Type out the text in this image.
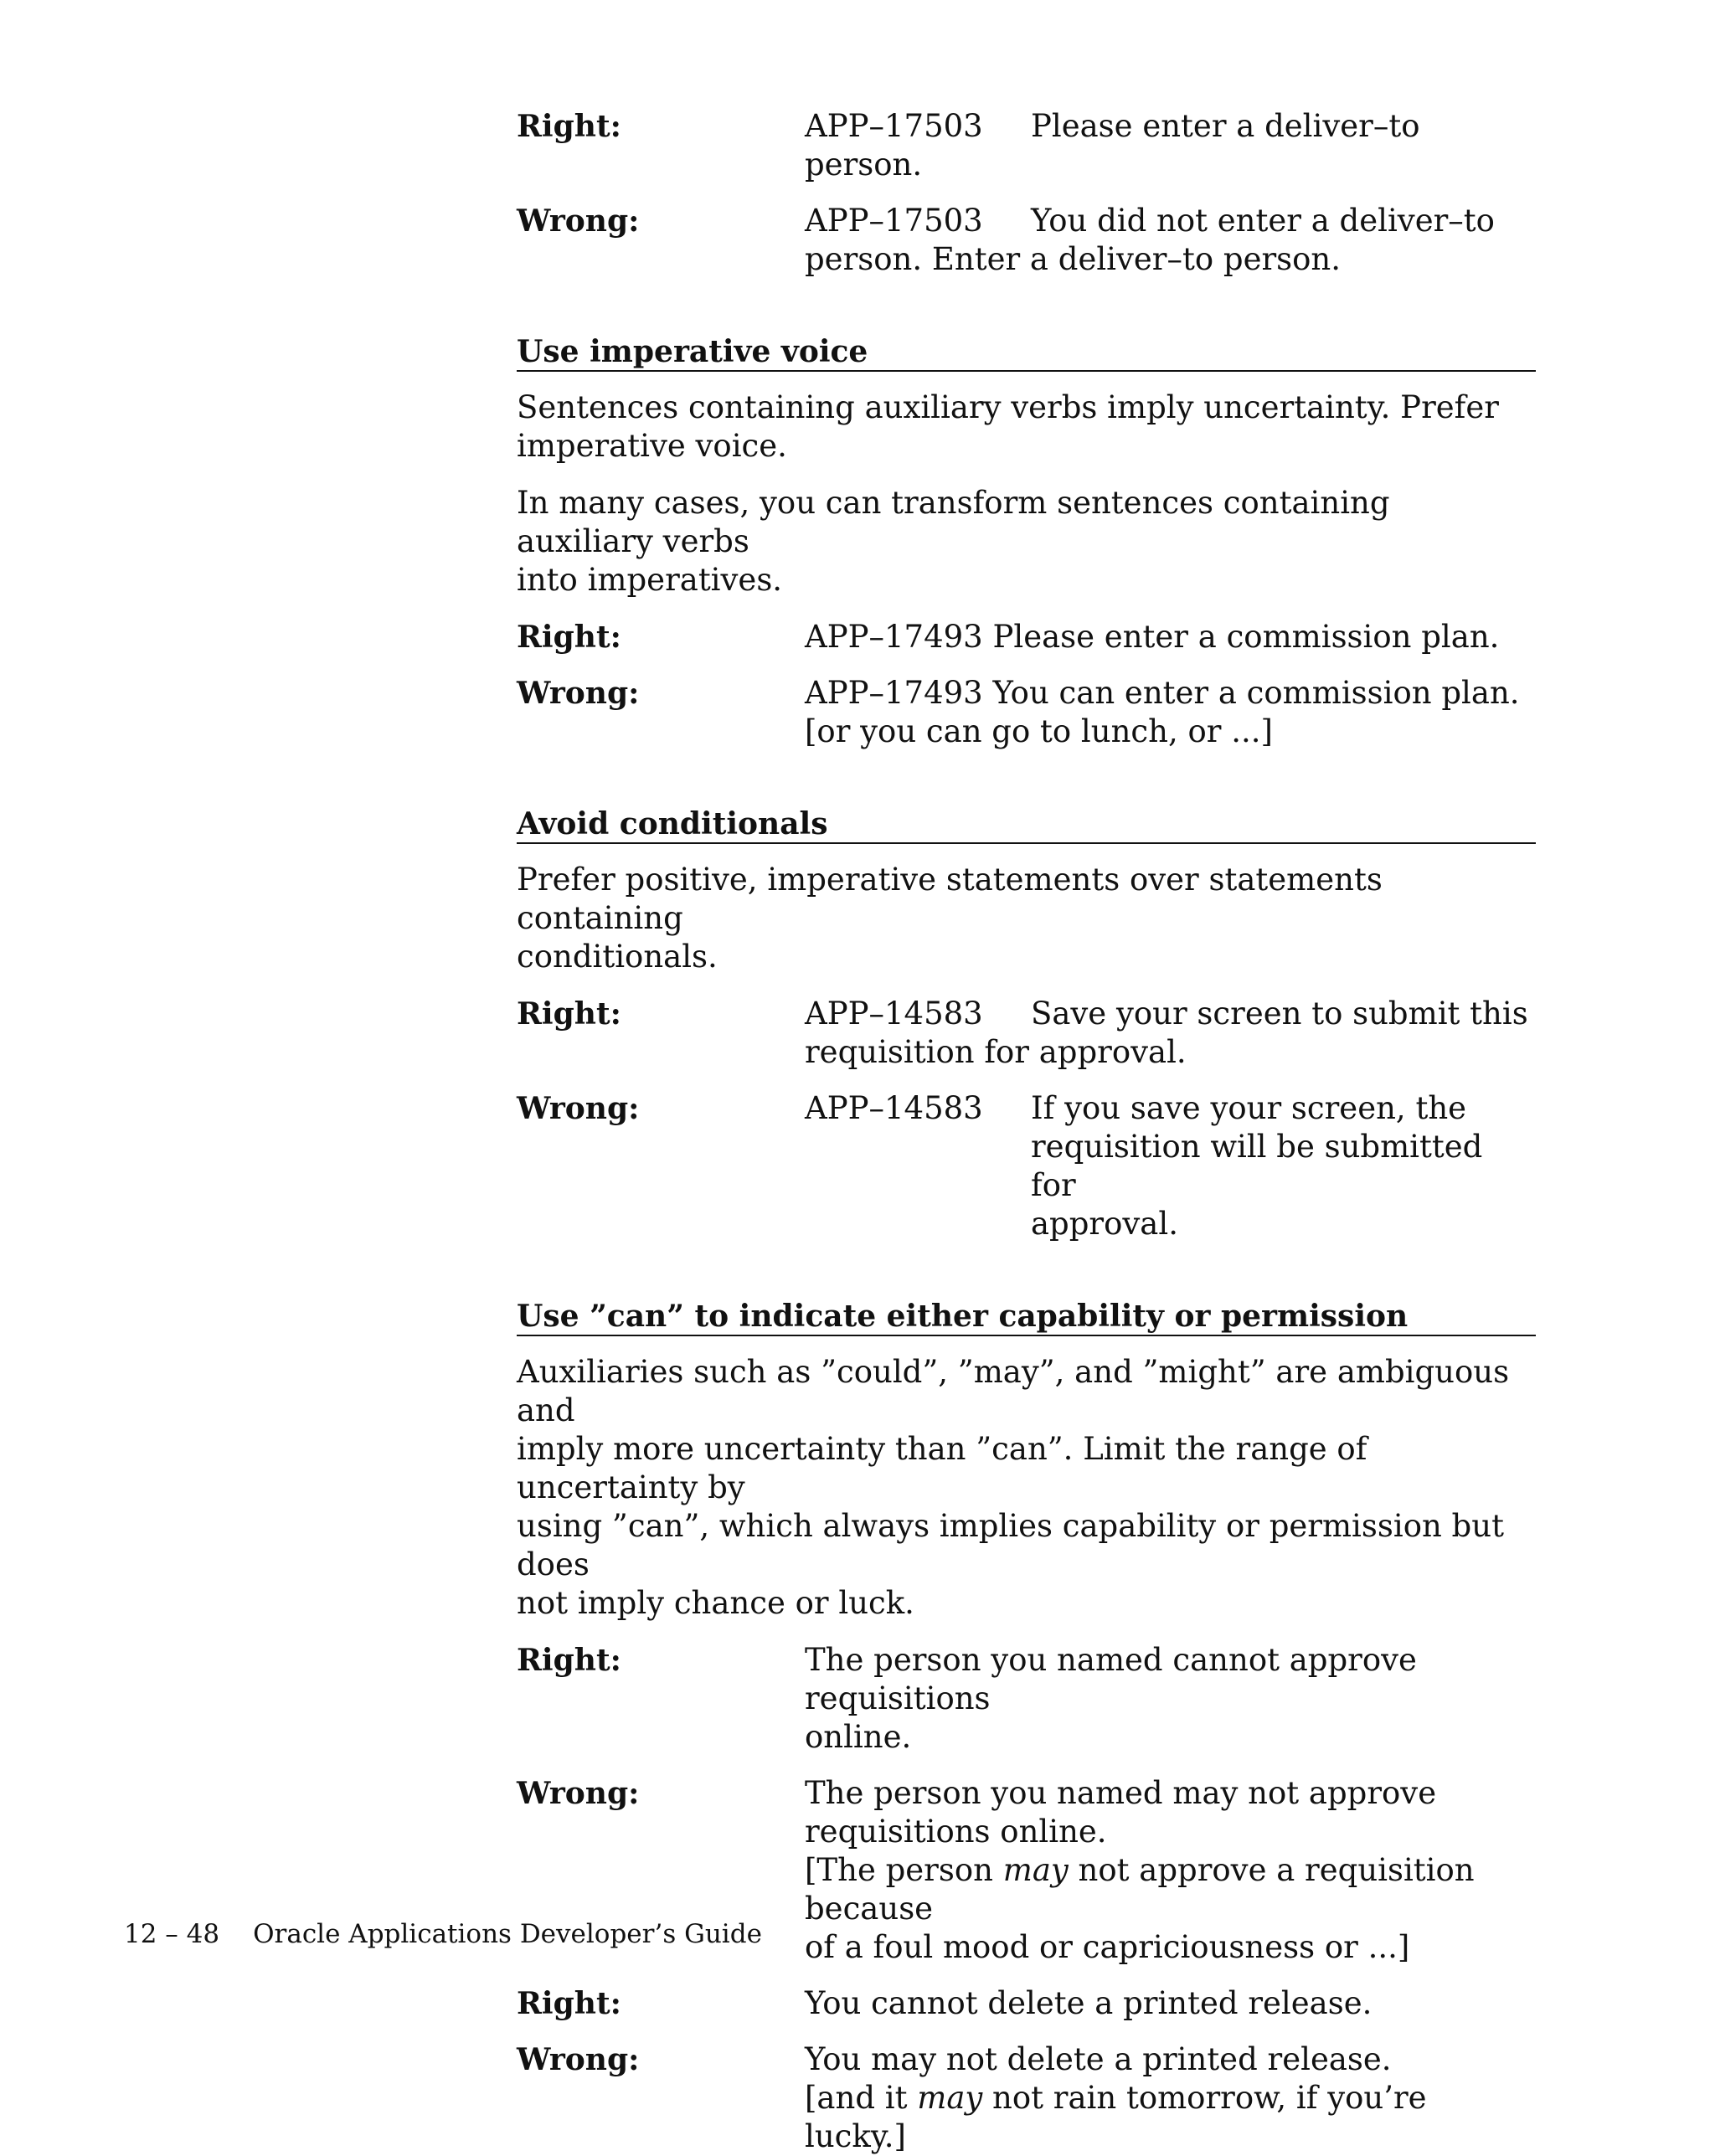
Right:	APP–17503 Please enter a deliver–to person.
Wrong:	APP–17503 You did not enter a deliver–to
person. Enter a deliver–to person.
Use imperative voice

Sentences containing auxiliary verbs imply uncertainty. Prefer
imperative voice.

In many cases, you can transform sentences containing auxiliary verbs
into imperatives.

Right:	APP–17493 Please enter a commission plan.
Wrong:	APP–17493 You can enter a commission plan.
[or you can go to lunch, or ...]
Avoid conditionals

Prefer positive, imperative statements over statements containing
conditionals.

Right:	APP–14583 Save your screen to submit this
requisition for approval.
Wrong:	APP–14583	If you save your screen, the
requisition will be submitted for
approval.
Use ”can” to indicate either capability or permission

Auxiliaries such as ”could”, ”may”, and ”might” are ambiguous and
imply more uncertainty than ”can”. Limit the range of uncertainty by
using ”can”, which always implies capability or permission but does
not imply chance or luck.

Right:	The person you named cannot approve requisitions
online.
Wrong:	The person you named may not approve
requisitions online.
[The person may not approve a requisition because
of a foul mood or capriciousness or ...]
Right:	You cannot delete a printed release.
Wrong:	You may not delete a printed release.
[and it may not rain tomorrow, if you’re lucky.]
12 – 48 Oracle Applications Developer’s Guide
